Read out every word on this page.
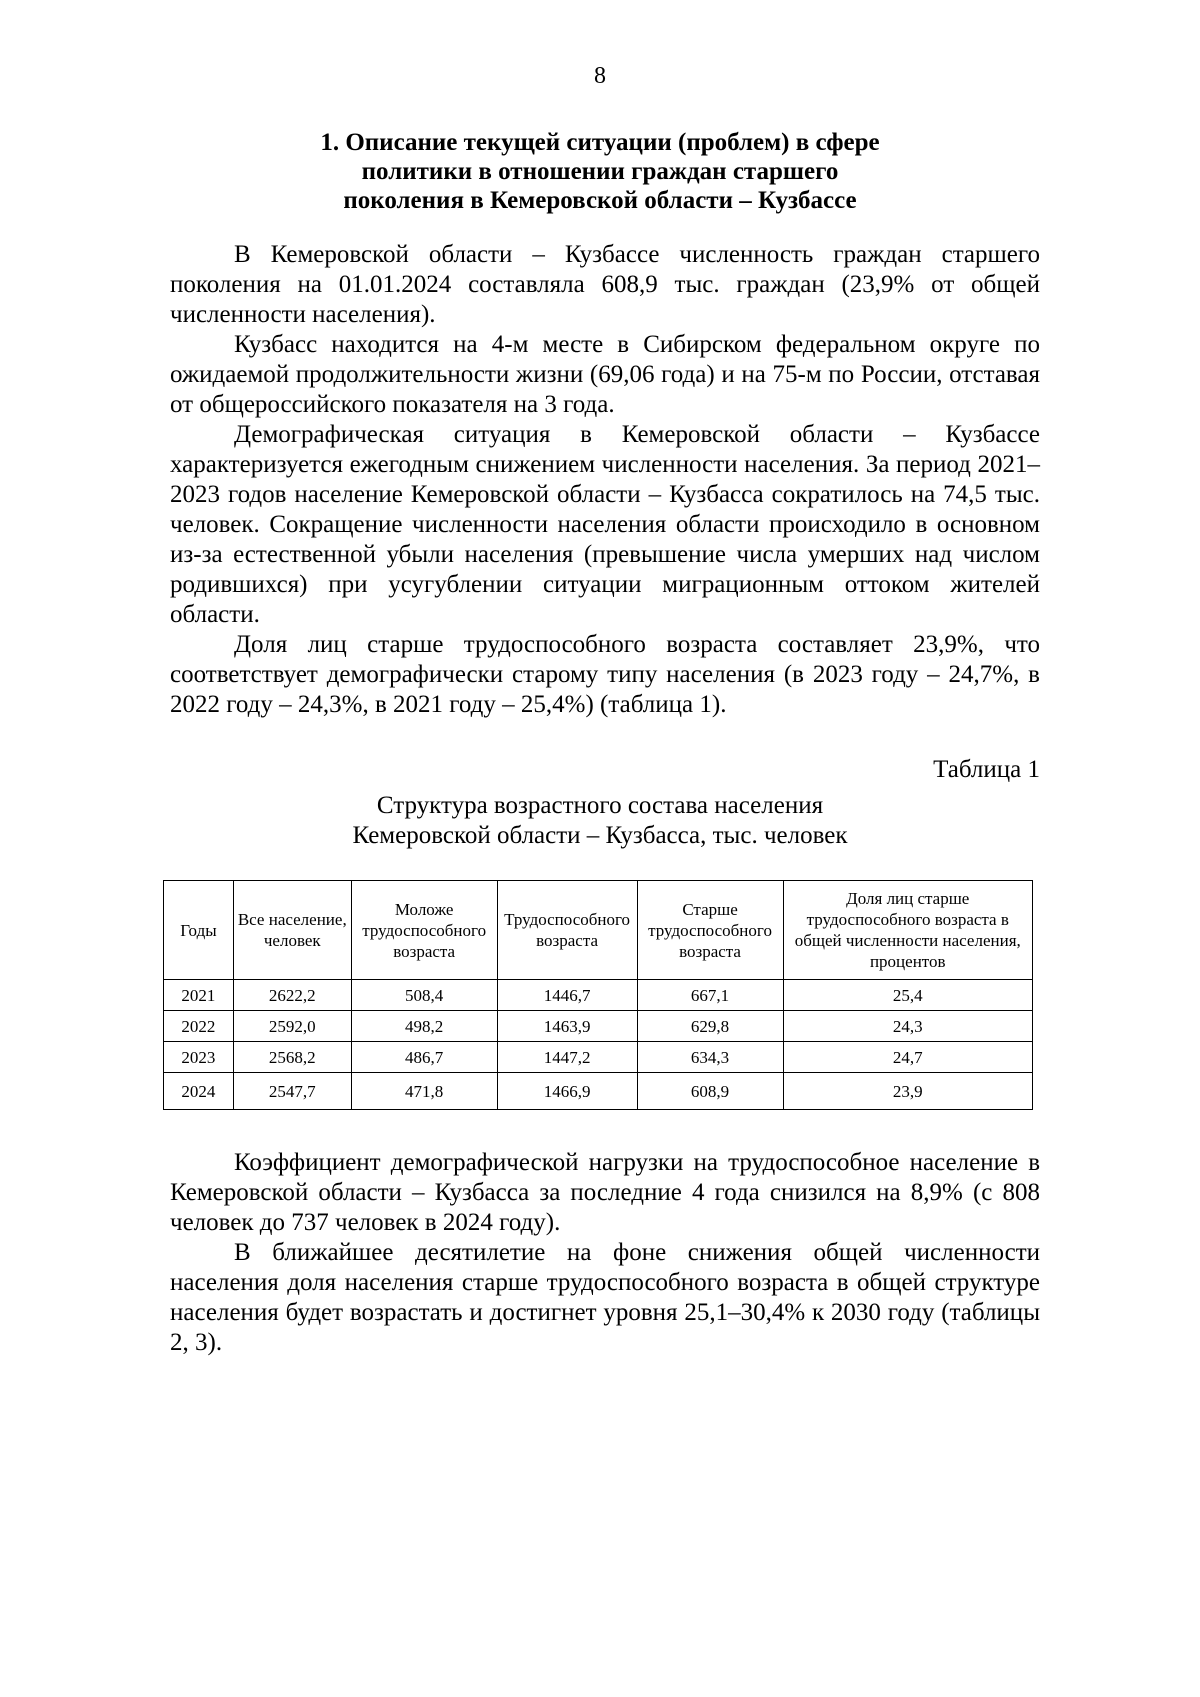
8
1. Описание текущей ситуации (проблем) в сфере
политики в отношении граждан старшего
поколения в Кемеровской области – Кузбассе

В Кемеровской области – Кузбассе численность граждан старшего поколения на 01.01.2024 составляла 608,9 тыс. граждан (23,9% от общей численности населения).

Кузбасс находится на 4-м месте в Сибирском федеральном округе по ожидаемой продолжительности жизни (69,06 года) и на 75-м по России, отставая от общероссийского показателя на 3 года.

Демографическая ситуация в Кемеровской области – Кузбассе характеризуется ежегодным снижением численности населения. За период 2021–2023 годов население Кемеровской области – Кузбасса сократилось на 74,5 тыс. человек. Сокращение численности населения области происходило в основном из-за естественной убыли населения (превышение числа умерших над числом родившихся) при усугублении ситуации миграционным оттоком жителей области.

Доля лиц старше трудоспособного возраста составляет 23,9%, что соответствует демографически старому типу населения (в 2023 году – 24,7%, в 2022 году – 24,3%, в 2021 году – 25,4%) (таблица 1).

Таблица 1
Структура возрастного состава населения
Кемеровской области – Кузбасса, тыс. человек
Годы	Все население, человек	Моложе трудоспособного возраста	Трудоспособного возраста	Старше трудоспособного возраста	Доля лиц старше трудоспособного возраста в общей численности населения, процентов
2021	2622,2	508,4	1446,7	667,1	25,4
2022	2592,0	498,2	1463,9	629,8	24,3
2023	2568,2	486,7	1447,2	634,3	24,7
2024	2547,7	471,8	1466,9	608,9	23,9

Коэффициент демографической нагрузки на трудоспособное население в Кемеровской области – Кузбасса за последние 4 года снизился на 8,9% (с 808 человек до 737 человек в 2024 году).

В ближайшее десятилетие на фоне снижения общей численности населения доля населения старше трудоспособного возраста в общей структуре населения будет возрастать и достигнет уровня 25,1–30,4% к 2030 году (таблицы 2, 3).
